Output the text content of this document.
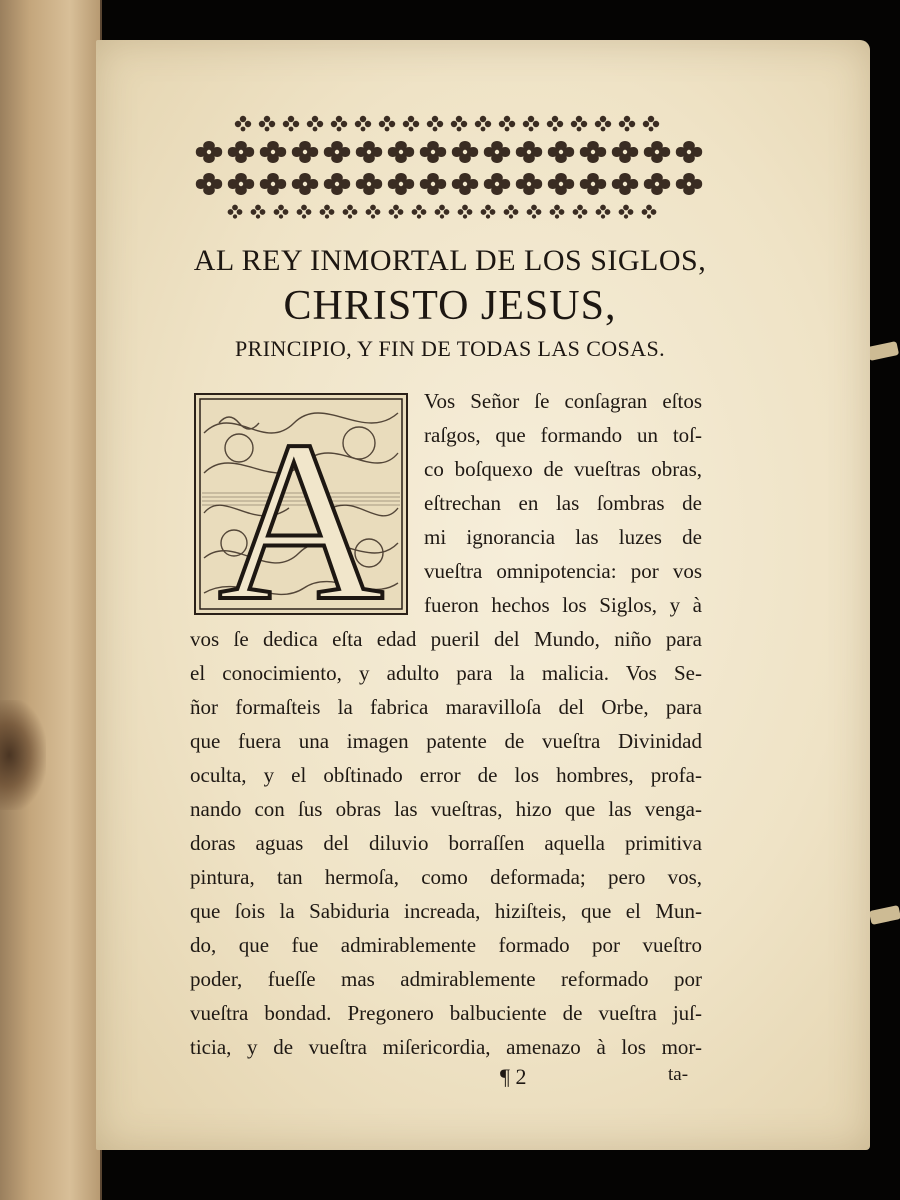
AL REY INMORTAL DE LOS SIGLOS,
CHRISTO JESUS,
PRINCIPIO, Y FIN DE TODAS LAS COSAS.
A Vos Señor ſe conſagran eſtos
raſgos, que formando un toſ-
co boſquexo de vueſtras obras,
eſtrechan en las ſombras de
mi ignorancia las luzes de
vueſtra omnipotencia: por vos
fueron hechos los Siglos, y à
vos ſe dedica eſta edad pueril del Mundo, niño para
el conocimiento, y adulto para la malicia. Vos Se-
ñor formaſteis la fabrica maravilloſa del Orbe, para
que fuera una imagen patente de vueſtra Divinidad
oculta, y el obſtinado error de los hombres, profa-
nando con ſus obras las vueſtras, hizo que las venga-
doras aguas del diluvio borraſſen aquella primitiva
pintura, tan hermoſa, como deformada; pero vos,
que ſois la Sabiduria increada, hiziſteis, que el Mun-
do, que fue admirablemente formado por vueſtro
poder, fueſſe mas admirablemente reformado por
vueſtra bondad. Pregonero balbuciente de vueſtra juſ-
ticia, y de vueſtra miſericordia, amenazo à los mor-
¶ 2	ta-
